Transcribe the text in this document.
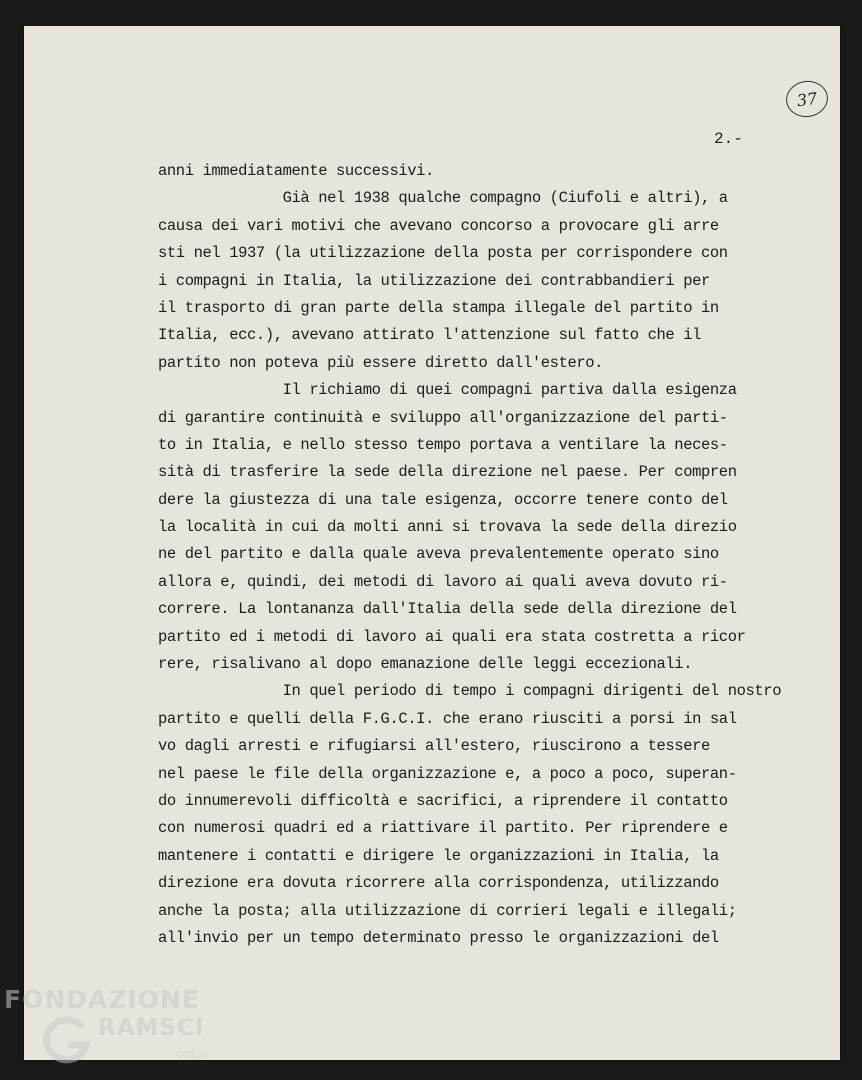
37
2.-
anni immediatamente successivi.
Già nel 1938 qualche compagno (Ciufoli e altri), a
causa dei vari motivi che avevano concorso a provocare gli arre
sti nel 1937 (la utilizzazione della posta per corrispondere con
i compagni in Italia, la utilizzazione dei contrabbandieri per
il trasporto di gran parte della stampa illegale del partito in
Italia, ecc.), avevano attirato l'attenzione sul fatto che il
partito non poteva più essere diretto dall'estero.
Il richiamo di quei compagni partiva dalla esigenza
di garantire continuità e sviluppo all'organizzazione del parti-
to in Italia, e nello stesso tempo portava a ventilare la neces-
sità di trasferire la sede della direzione nel paese. Per compren
dere la giustezza di una tale esigenza, occorre tenere conto del
la località in cui da molti anni si trovava la sede della direzio
ne del partito e dalla quale aveva prevalentemente operato sino
allora e, quindi, dei metodi di lavoro ai quali aveva dovuto ri-
correre. La lontananza dall'Italia della sede della direzione del
partito ed i metodi di lavoro ai quali era stata costretta a ricor
rere, risalivano al dopo emanazione delle leggi eccezionali.
In quel periodo di tempo i compagni dirigenti del nostro
partito e quelli della F.G.C.I. che erano riusciti a porsi in sal
vo dagli arresti e rifugiarsi all'estero, riuscirono a tessere
nel paese le file della organizzazione e, a poco a poco, superan-
do innumerevoli difficoltà e sacrifici, a riprendere il contatto
con numerosi quadri ed a riattivare il partito. Per riprendere e
mantenere i contatti e dirigere le organizzazioni in Italia, la
direzione era dovuta ricorrere alla corrispondenza, utilizzando
anche la posta; alla utilizzazione di corrieri legali e illegali;
all'invio per un tempo determinato presso le organizzazioni del
FONDAZIONE
RAMSCI
onlus
